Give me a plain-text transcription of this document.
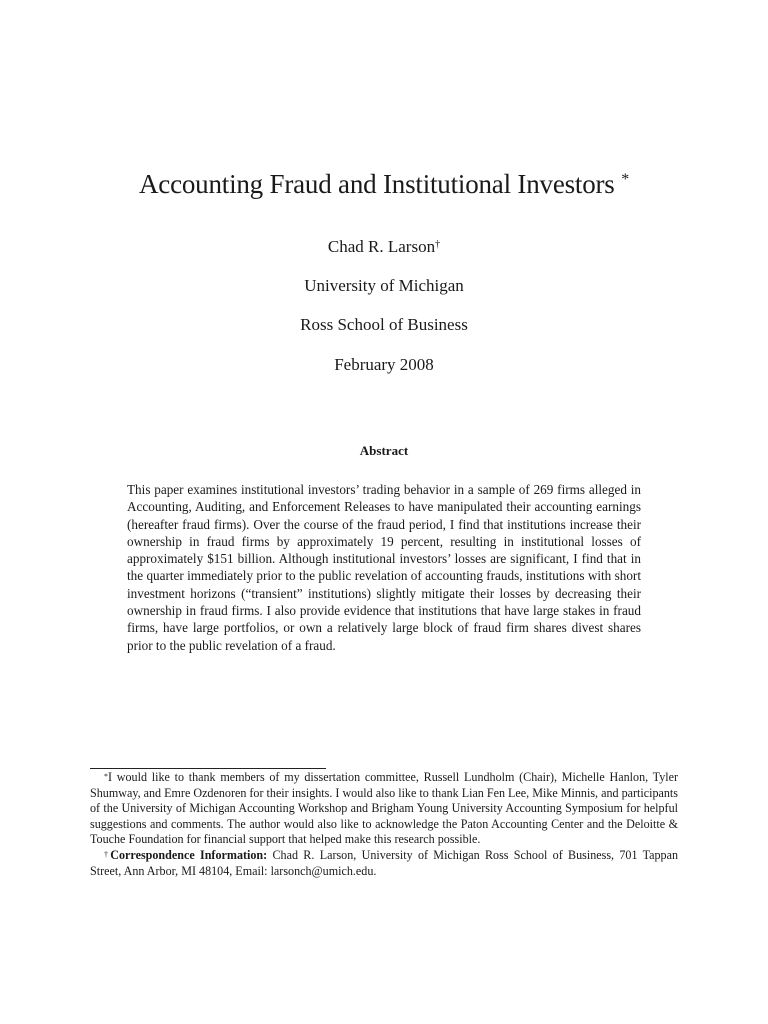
Accounting Fraud and Institutional Investors *
Chad R. Larson†
University of Michigan
Ross School of Business
February 2008
Abstract
This paper examines institutional investors’ trading behavior in a sample of 269 firms alleged in Accounting, Auditing, and Enforcement Releases to have manipulated their accounting earnings (hereafter fraud firms). Over the course of the fraud period, I find that institutions increase their ownership in fraud firms by approximately 19 percent, resulting in institutional losses of approximately $151 billion. Although institutional investors’ losses are significant, I find that in the quarter immediately prior to the public revelation of accounting frauds, institutions with short investment horizons (“transient” institutions) slightly mitigate their losses by decreasing their ownership in fraud firms. I also provide evidence that institutions that have large stakes in fraud firms, have large portfolios, or own a relatively large block of fraud firm shares divest shares prior to the public revelation of a fraud.

*I would like to thank members of my dissertation committee, Russell Lundholm (Chair), Michelle Hanlon, Tyler Shumway, and Emre Ozdenoren for their insights. I would also like to thank Lian Fen Lee, Mike Minnis, and participants of the University of Michigan Accounting Workshop and Brigham Young University Accounting Symposium for helpful suggestions and comments. The author would also like to acknowledge the Paton Accounting Center and the Deloitte & Touche Foundation for financial support that helped make this research possible.

†Correspondence Information: Chad R. Larson, University of Michigan Ross School of Business, 701 Tappan Street, Ann Arbor, MI 48104, Email: larsonch@umich.edu.
